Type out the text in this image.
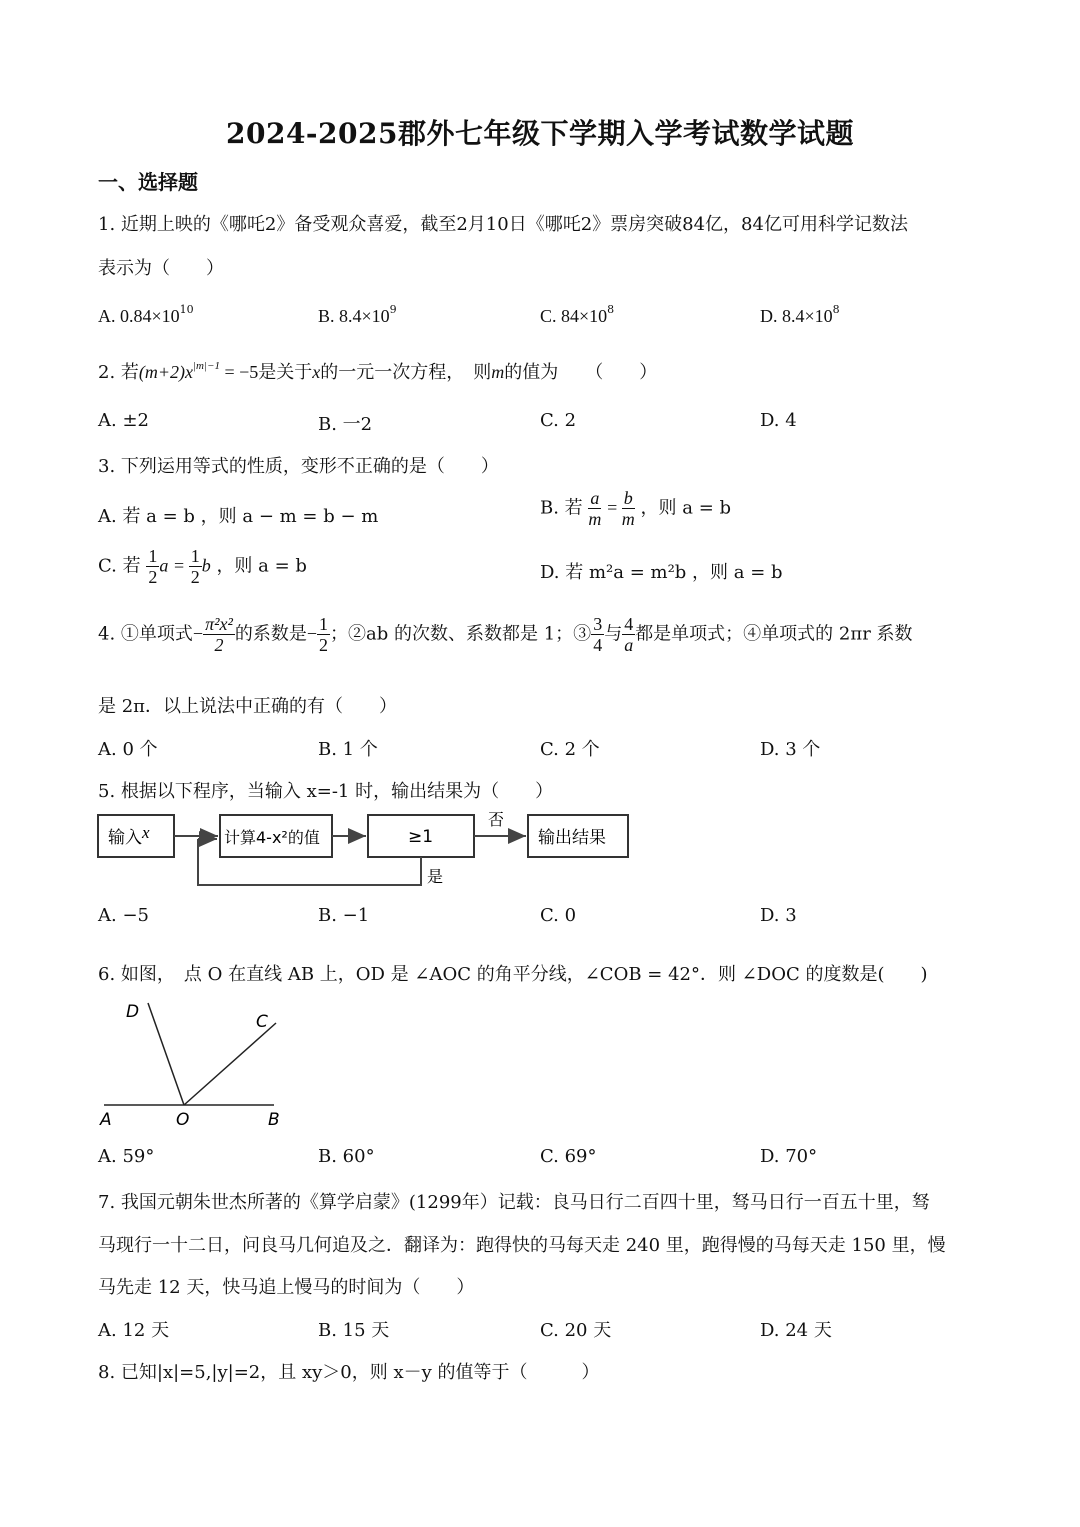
2024-2025郡外七年级下学期入学考试数学试题
一、选择题
1. 近期上映的《哪吒2》备受观众喜爱，截至2月10日《哪吒2》票房突破84亿，84亿可用科学记数法
表示为（　　）
A. $0.84\times 10^{10}$	B. $8.4\times 10^9$	C. $84\times 10^8$	D. $8.4\times 10^8$
2. 若$(m+2)x^{|m|-1} = -5$是关于x的一元一次方程，　则m的值为　　（　　）
A. ±2	B. 一2	C. 2	D. 4
3. 下列运用等式的性质，变形不正确的是（　　）
A. 若 a = b ，则 a − m = b − m	B. 若 $\frac{a}{m} = \frac{b}{m}$ ，则 a = b
C. 若 $\frac{1}{2}$ $a = \frac{1}{2}$ b ，则 a = b	D. 若 m²a = m²b ，则 a = b
4. ①单项式− $\frac{\text{π²x²}}{2}$ 的系数是− $\frac{1}{2}$ ；②ab 的次数、系数都是 1；③ $\frac{3}{4}$ 与 $\frac{4}{a}$ 都是单项式；④单项式的 2πr 系数
是 2π．以上说法中正确的有（　　）
A. 0 个	B. 1 个	C. 2 个	D. 3 个
5. 根据以下程序，当输入 x=-1 时，输出结果为（　　）
输入x	计算4-x²的值	≥1
否
输出结果
是
A. −5	B. −1	C. 0	D. 3
6. 如图，　点 O 在直线 AB 上，OD 是 ∠AOC 的角平分线，∠COB = 42°．则 ∠DOC 的度数是(　　)
D	C
A	O	B
A. 59°	B. 60°	C. 69°	D. 70°
7. 我国元朝朱世杰所著的《算学启蒙》(1299年）记载：良马日行二百四十里，驽马日行一百五十里，驽
马现行一十二日，问良马几何追及之．翻译为：跑得快的马每天走 240 里，跑得慢的马每天走 150 里，慢
马先走 12 天，快马追上慢马的时间为（　　）
A. 12 天	B. 15 天	C. 20 天	D. 24 天
8. 已知|x|=5,|y|=2，且 xy＞0，则 x－y 的值等于（　　　）
